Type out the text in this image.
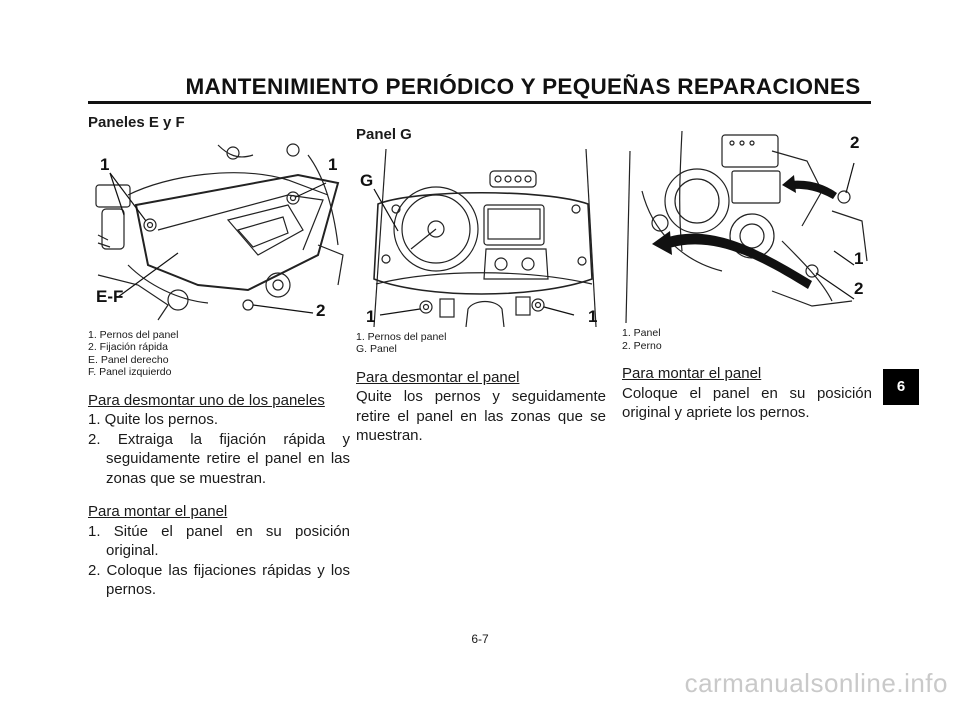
MANTENIMIENTO PERIÓDICO Y PEQUEÑAS REPARACIONES

Paneles E y F

1	1
E-F
2
1. Pernos del panel
2. Fijación rápida
E. Panel derecho
F. Panel izquierdo
Para desmontar uno de los paneles
1. Quite los pernos.
2. Extraiga la fijación rápida y seguidamente retire el panel en las zonas que se muestran.
Para montar el panel
1. Sitúe el panel en su posición original.
2. Coloque las fijaciones rápidas y los pernos.

Panel G

G
1	1
1. Pernos del panel
G. Panel
Para desmontar el panel
Quite los pernos y seguidamente retire el panel en las zonas que se muestran.
2
1
2
1. Panel
2. Perno
Para montar el panel
Coloque el panel en su posición original y apriete los pernos.
6
6-7
carmanualsonline.info
